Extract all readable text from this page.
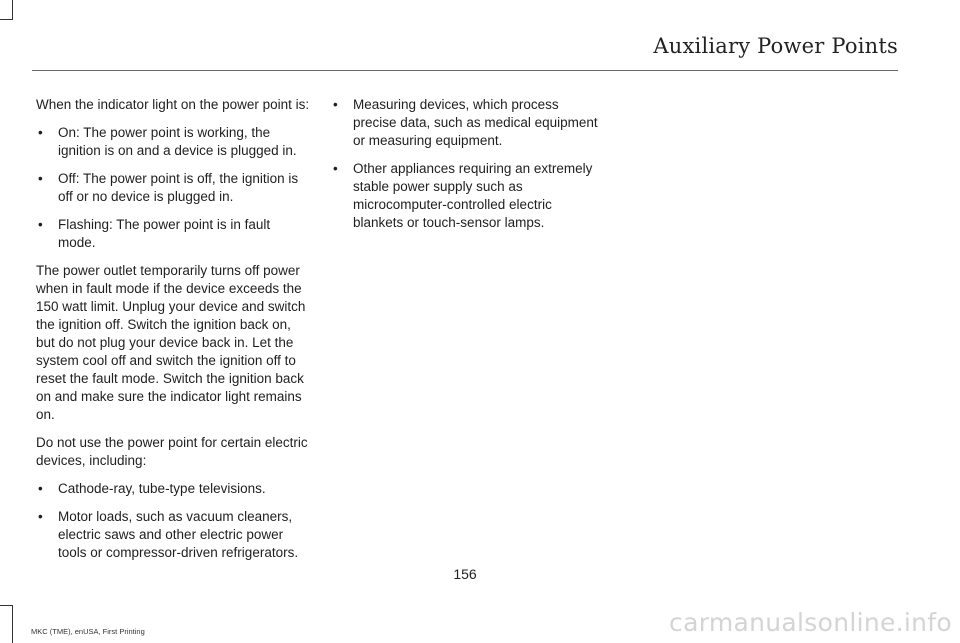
Auxiliary Power Points

When the indicator light on the power point is:

• On: The power point is working, the ignition is on and a device is plugged in.
• Off: The power point is off, the ignition is off or no device is plugged in.
• Flashing: The power point is in fault mode.

The power outlet temporarily turns off power when in fault mode if the device exceeds the 150 watt limit. Unplug your device and switch the ignition off. Switch the ignition back on, but do not plug your device back in. Let the system cool off and switch the ignition off to reset the fault mode. Switch the ignition back on and make sure the indicator light remains on.

Do not use the power point for certain electric devices, including:

• Cathode-ray, tube-type televisions.
• Motor loads, such as vacuum cleaners, electric saws and other electric power tools or compressor-driven refrigerators.
• Measuring devices, which process precise data, such as medical equipment or measuring equipment.
• Other appliances requiring an extremely stable power supply such as microcomputer-controlled electric blankets or touch-sensor lamps.
156
MKC (TME), enUSA, First Printing	carmanualsonline.info
